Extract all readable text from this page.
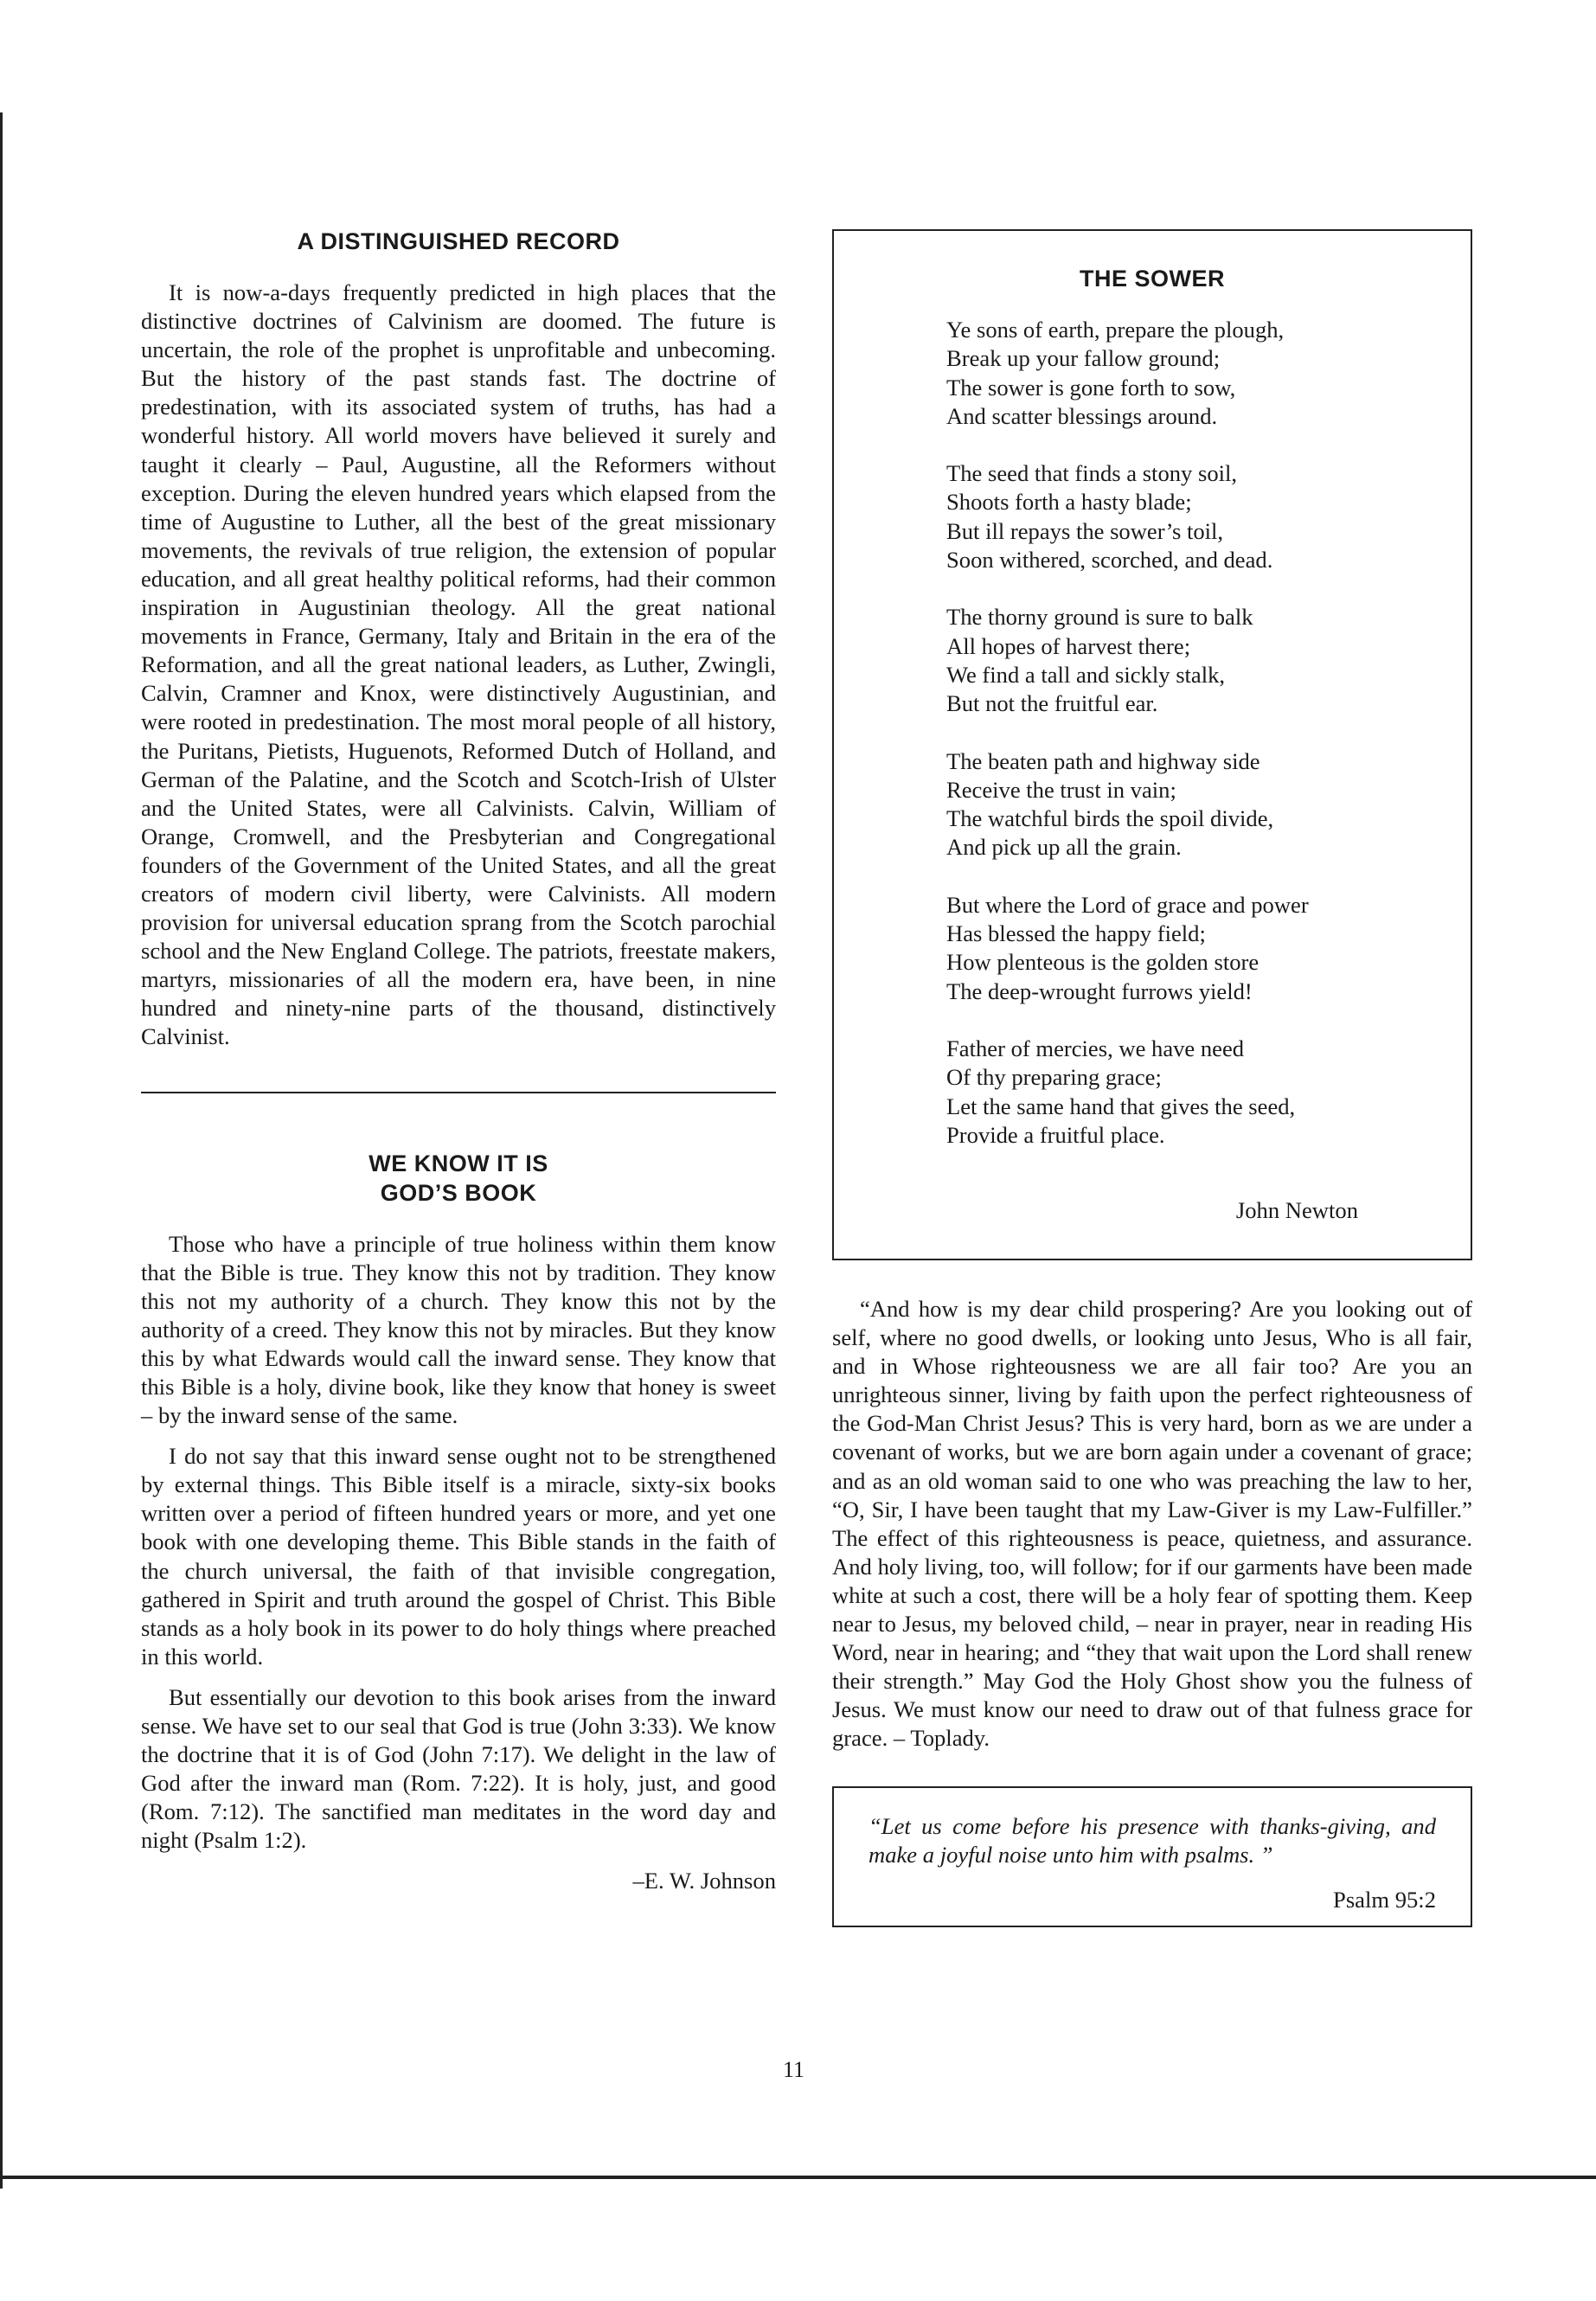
A DISTINGUISHED RECORD

It is now-a-days frequently predicted in high places that the distinctive doctrines of Calvinism are doomed. The future is uncertain, the role of the prophet is unprofitable and unbecoming. But the history of the past stands fast. The doctrine of predestination, with its associated system of truths, has had a wonderful history. All world movers have believed it surely and taught it clearly – Paul, Augustine, all the Reformers without exception. During the eleven hundred years which elapsed from the time of Augustine to Luther, all the best of the great missionary movements, the revivals of true religion, the extension of popular education, and all great healthy political reforms, had their common inspiration in Augustinian theology. All the great national movements in France, Germany, Italy and Britain in the era of the Reformation, and all the great national leaders, as Luther, Zwingli, Calvin, Cramner and Knox, were distinctively Augustinian, and were rooted in predestination. The most moral people of all history, the Puritans, Pietists, Huguenots, Reformed Dutch of Holland, and German of the Palatine, and the Scotch and Scotch-Irish of Ulster and the United States, were all Calvinists. Calvin, William of Orange, Cromwell, and the Presbyterian and Congregational founders of the Government of the United States, and all the great creators of modern civil liberty, were Calvinists. All modern provision for universal education sprang from the Scotch parochial school and the New England College. The patriots, freestate makers, martyrs, missionaries of all the modern era, have been, in nine hundred and ninety-nine parts of the thousand, distinctively Calvinist.

WE KNOW IT IS
GOD’S BOOK

Those who have a principle of true holiness within them know that the Bible is true. They know this not by tradition. They know this not my authority of a church. They know this not by the authority of a creed. They know this not by miracles. But they know this by what Edwards would call the inward sense. They know that this Bible is a holy, divine book, like they know that honey is sweet – by the inward sense of the same.

I do not say that this inward sense ought not to be strengthened by external things. This Bible itself is a miracle, sixty-six books written over a period of fifteen hundred years or more, and yet one book with one developing theme. This Bible stands in the faith of the church universal, the faith of that invisible congregation, gathered in Spirit and truth around the gospel of Christ. This Bible stands as a holy book in its power to do holy things where preached in this world.

But essentially our devotion to this book arises from the inward sense. We have set to our seal that God is true (John 3:33). We know the doctrine that it is of God (John 7:17). We delight in the law of God after the inward man (Rom. 7:22). It is holy, just, and good (Rom. 7:12). The sanctified man meditates in the word day and night (Psalm 1:2).

–E. W. Johnson
THE SOWER
Ye sons of earth, prepare the plough,
Break up your fallow ground;
The sower is gone forth to sow,
And scatter blessings around.
The seed that finds a stony soil,
Shoots forth a hasty blade;
But ill repays the sower’s toil,
Soon withered, scorched, and dead.
The thorny ground is sure to balk
All hopes of harvest there;
We find a tall and sickly stalk,
But not the fruitful ear.
The beaten path and highway side
Receive the trust in vain;
The watchful birds the spoil divide,
And pick up all the grain.
But where the Lord of grace and power
Has blessed the happy field;
How plenteous is the golden store
The deep-wrought furrows yield!
Father of mercies, we have need
Of thy preparing grace;
Let the same hand that gives the seed,
Provide a fruitful place.
John Newton

“And how is my dear child prospering? Are you looking out of self, where no good dwells, or looking unto Jesus, Who is all fair, and in Whose righteousness we are all fair too? Are you an unrighteous sinner, living by faith upon the perfect righteousness of the God-Man Christ Jesus? This is very hard, born as we are under a covenant of works, but we are born again under a covenant of grace; and as an old woman said to one who was preaching the law to her, “O, Sir, I have been taught that my Law-Giver is my Law-Fulfiller.” The effect of this righteousness is peace, quietness, and assurance. And holy living, too, will follow; for if our garments have been made white at such a cost, there will be a holy fear of spotting them. Keep near to Jesus, my beloved child, – near in prayer, near in reading His Word, near in hearing; and “they that wait upon the Lord shall renew their strength.” May God the Holy Ghost show you the fulness of Jesus. We must know our need to draw out of that fulness grace for grace. – Toplady.

“Let us come before his presence with thanks-giving, and make a joyful noise unto him with psalms. ”

Psalm 95:2
11
